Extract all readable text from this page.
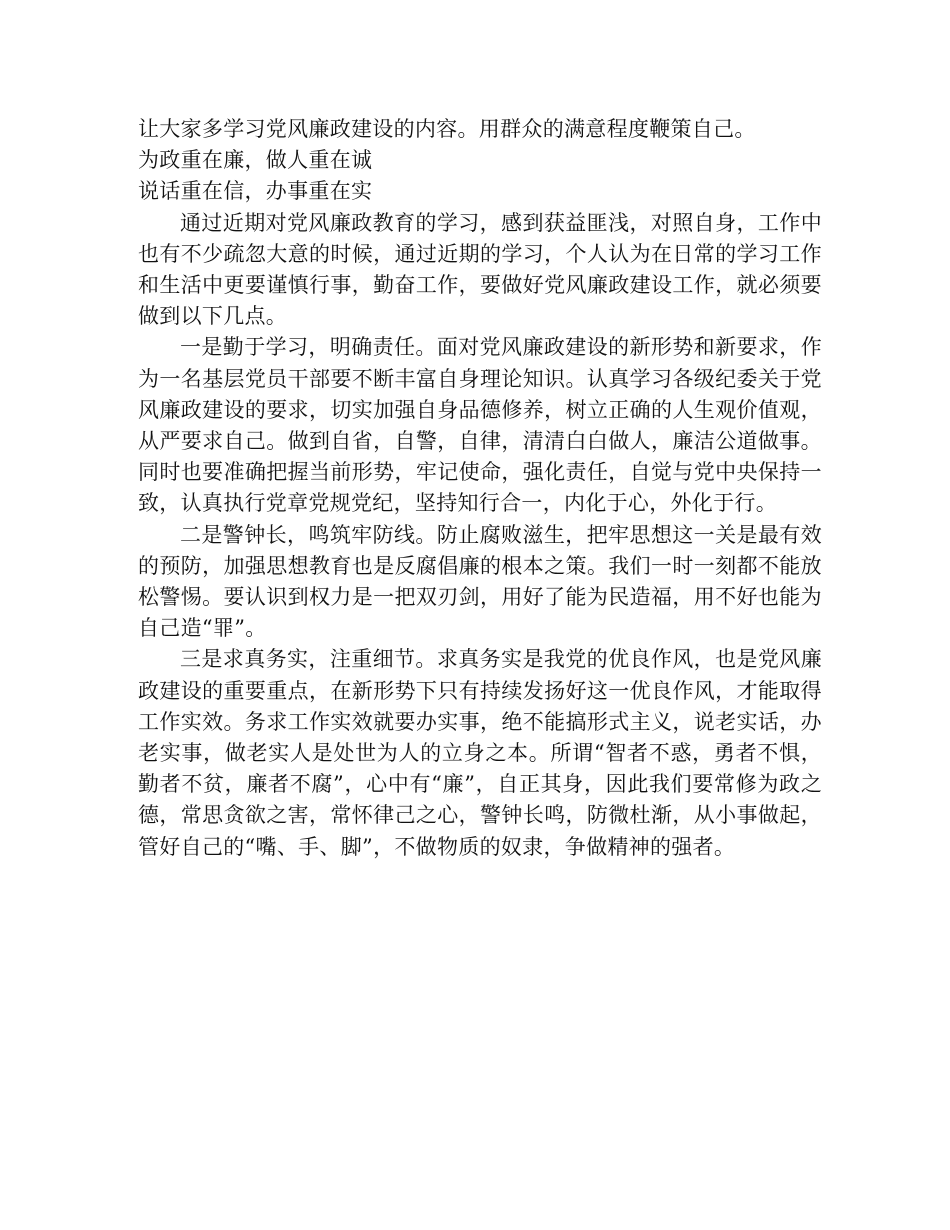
让大家多学习党风廉政建设的内容。用群众的满意程度鞭策自己。

为政重在廉，做人重在诚

说话重在信，办事重在实

通过近期对党风廉政教育的学习，感到获益匪浅，对照自身，工作中也有不少疏忽大意的时候，通过近期的学习，个人认为在日常的学习工作和生活中更要谨慎行事，勤奋工作，要做好党风廉政建设工作，就必须要做到以下几点。

一是勤于学习，明确责任。面对党风廉政建设的新形势和新要求，作为一名基层党员干部要不断丰富自身理论知识。认真学习各级纪委关于党风廉政建设的要求，切实加强自身品德修养，树立正确的人生观价值观，从严要求自己。做到自省，自警，自律，清清白白做人，廉洁公道做事。同时也要准确把握当前形势，牢记使命，强化责任，自觉与党中央保持一致，认真执行党章党规党纪，坚持知行合一，内化于心，外化于行。

二是警钟长，鸣筑牢防线。防止腐败滋生，把牢思想这一关是最有效的预防，加强思想教育也是反腐倡廉的根本之策。我们一时一刻都不能放松警惕。要认识到权力是一把双刃剑，用好了能为民造福，用不好也能为自己造“罪”。

三是求真务实，注重细节。求真务实是我党的优良作风，也是党风廉政建设的重要重点，在新形势下只有持续发扬好这一优良作风，才能取得工作实效。务求工作实效就要办实事，绝不能搞形式主义，说老实话，办老实事，做老实人是处世为人的立身之本。所谓“智者不惑，勇者不惧，勤者不贫，廉者不腐”，心中有“廉”，自正其身，因此我们要常修为政之德，常思贪欲之害，常怀律己之心，警钟长鸣，防微杜渐，从小事做起，管好自己的“嘴、手、脚”，不做物质的奴隶，争做精神的强者。
